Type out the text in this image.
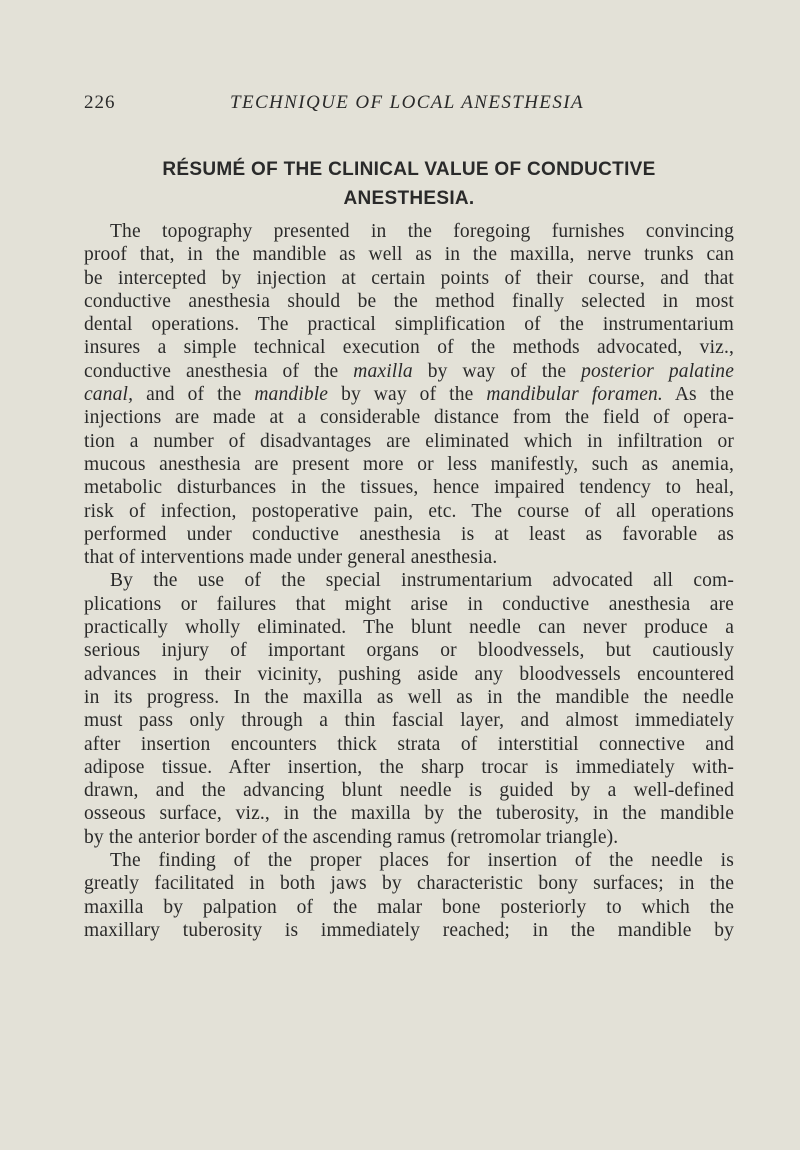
226	TECHNIQUE OF LOCAL ANESTHESIA
RÉSUMÉ OF THE CLINICAL VALUE OF CONDUCTIVE
ANESTHESIA.
The topography presented in the foregoing furnishes convincing
proof that, in the mandible as well as in the maxilla, nerve trunks can
be intercepted by injection at certain points of their course, and that
conductive anesthesia should be the method finally selected in most
dental operations. The practical simplification of the instrumentarium
insures a simple technical execution of the methods advocated, viz.,
conductive anesthesia of the maxilla by way of the posterior palatine
canal, and of the mandible by way of the mandibular foramen. As the
injections are made at a considerable distance from the field of opera-
tion a number of disadvantages are eliminated which in infiltration or
mucous anesthesia are present more or less manifestly, such as anemia,
metabolic disturbances in the tissues, hence impaired tendency to heal,
risk of infection, postoperative pain, etc. The course of all operations
performed under conductive anesthesia is at least as favorable as
that of interventions made under general anesthesia.
By the use of the special instrumentarium advocated all com-
plications or failures that might arise in conductive anesthesia are
practically wholly eliminated. The blunt needle can never produce a
serious injury of important organs or bloodvessels, but cautiously
advances in their vicinity, pushing aside any bloodvessels encountered
in its progress. In the maxilla as well as in the mandible the needle
must pass only through a thin fascial layer, and almost immediately
after insertion encounters thick strata of interstitial connective and
adipose tissue. After insertion, the sharp trocar is immediately with-
drawn, and the advancing blunt needle is guided by a well-defined
osseous surface, viz., in the maxilla by the tuberosity, in the mandible
by the anterior border of the ascending ramus (retromolar triangle).
The finding of the proper places for insertion of the needle is
greatly facilitated in both jaws by characteristic bony surfaces; in the
maxilla by palpation of the malar bone posteriorly to which the
maxillary tuberosity is immediately reached; in the mandible by
